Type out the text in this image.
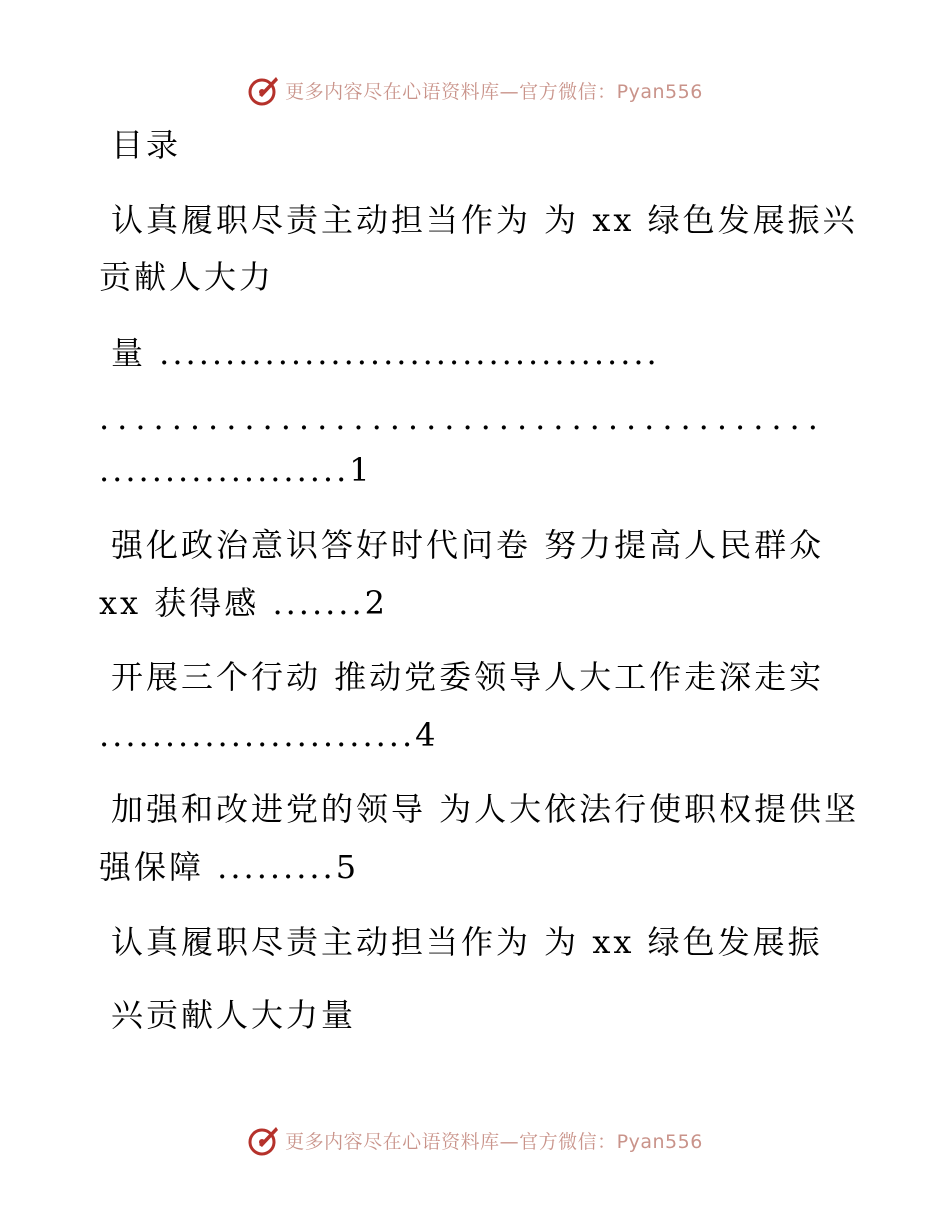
更多内容尽在心语资料库—官方微信：Pyan556
目录
认真履职尽责主动担当作为 为 xx 绿色发展振兴
贡献人大力
量 ......................................
........................................
...................1
强化政治意识答好时代问卷 努力提高人民群众
xx 获得感 .......2
开展三个行动 推动党委领导人大工作走深走实
........................4
加强和改进党的领导 为人大依法行使职权提供坚
强保障 .........5
认真履职尽责主动担当作为 为 xx 绿色发展振
兴贡献人大力量
更多内容尽在心语资料库—官方微信：Pyan556
